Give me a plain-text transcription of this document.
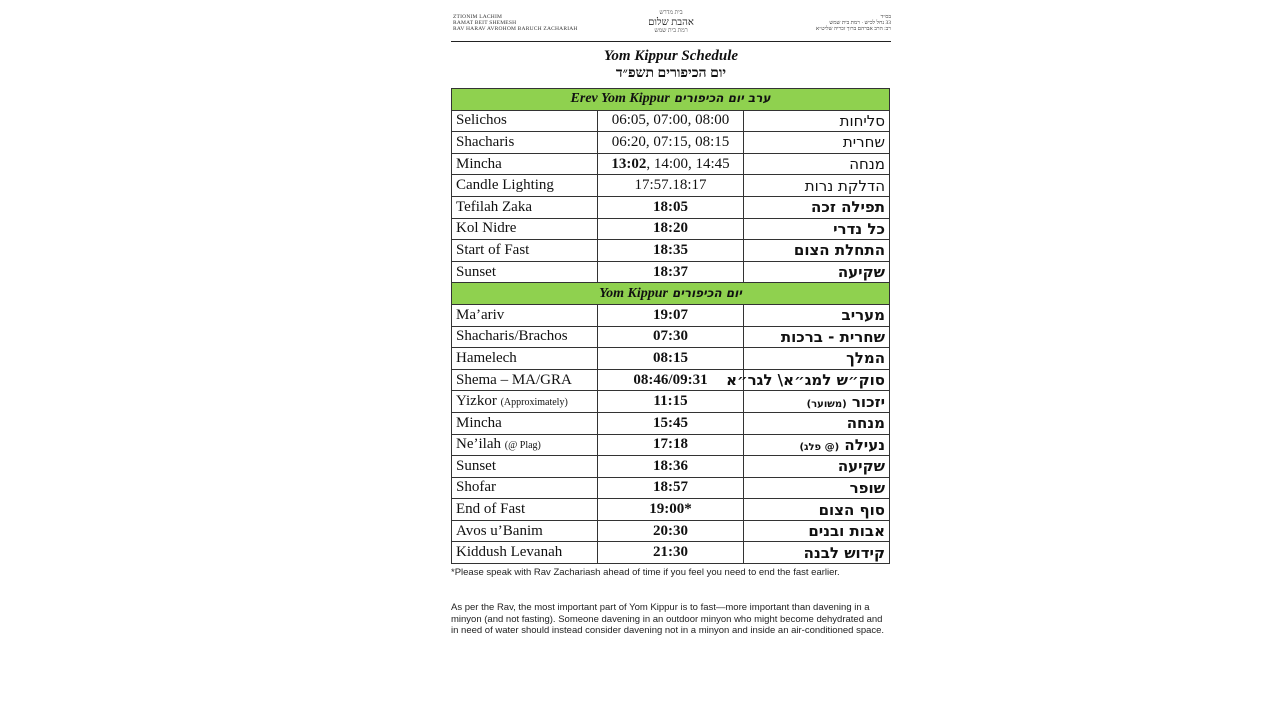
ZTIONIM LACHIM
RAMAT BEIT SHEMESH
RAV HARAV AVROHOM BARUCH ZACHARIAH
בית מדרש
אהבת שלום
רמת בית שמש
בס״ד
33 נחל לכיש · רמת בית שמש
רב: הרב אברהם ברוך זכריה שליט״א
Yom Kippur Schedule
יום הכיפורים תשפ״ד
Erev Yom Kippur ערב יום הכיפורים		
Selichos	06:05, 07:00, 08:00	סליחות
Shacharis	06:20, 07:15, 08:15	שחרית
Mincha	13:02, 14:00, 14:45	מנחה
Candle Lighting	17:57.18:17	הדלקת נרות
Tefilah Zaka	18:05	תפילה זכה
Kol Nidre	18:20	כל נדרי
Start of Fast	18:35	התחלת הצום
Sunset	18:37	שקיעה
Yom Kippur יום הכיפורים		
Ma’ariv	19:07	מעריב
Shacharis/Brachos	07:30	שחרית - ברכות
Hamelech	08:15	המלך
Shema – MA/GRA	08:46/09:31	סוק״ש למג״א\ לגר״א
Yizkor (Approximately)	11:15	יזכור (משוער)
Mincha	15:45	מנחה
Ne’ilah (@ Plag)	17:18	נעילה (@ פלג)
Sunset	18:36	שקיעה
Shofar	18:57	שופר
End of Fast	19:00*	סוף הצום
Avos u’Banim	20:30	אבות ובנים
Kiddush Levanah	21:30	קידוש לבנה
*Please speak with Rav Zachariash ahead of time if you feel you need to end the fast earlier.
As per the Rav, the most important part of Yom Kippur is to fast—more important than davening in a minyon (and not fasting). Someone davening in an outdoor minyon who might become dehydrated and in need of water should instead consider davening not in a minyon and inside an air-conditioned space.
